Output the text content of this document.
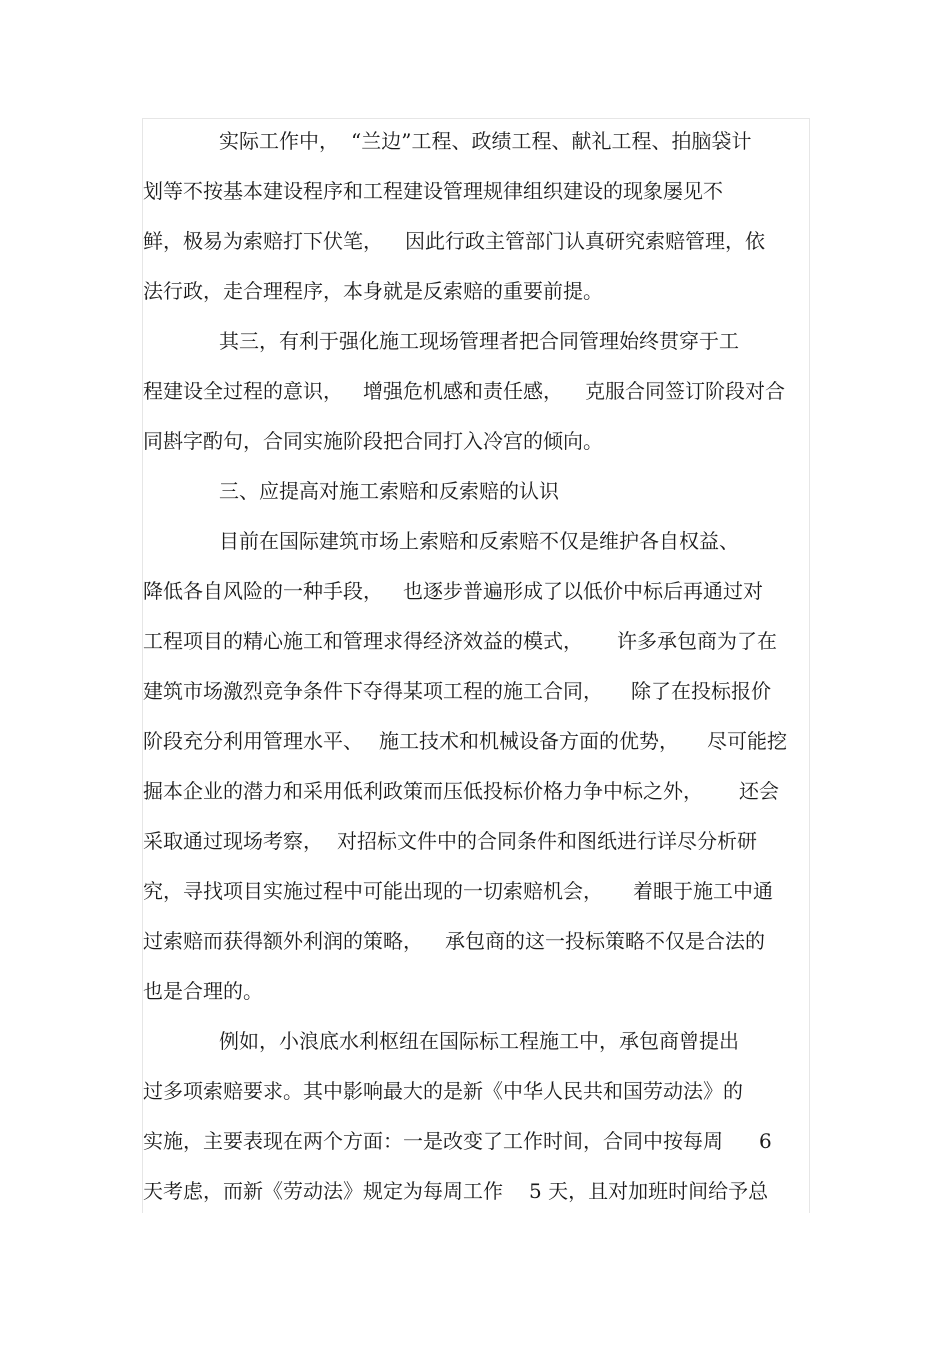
实际工作中， “兰边”工程、政绩工程、献礼工程、拍脑袋计
划等不按基本建设程序和工程建设管理规律组织建设的现象屡见不
鲜，极易为索赔打下伏笔， 因此行政主管部门认真研究索赔管理，依
法行政，走合理程序，本身就是反索赔的重要前提。
其三，有利于强化施工现场管理者把合同管理始终贯穿于工
程建设全过程的意识， 增强危机感和责任感， 克服合同签订阶段对合
同斟字酌句，合同实施阶段把合同打入冷宫的倾向。
三、应提高对施工索赔和反索赔的认识
目前在国际建筑市场上索赔和反索赔不仅是维护各自权益、
降低各自风险的一种手段， 也逐步普遍形成了以低价中标后再通过对
工程项目的精心施工和管理求得经济效益的模式， 许多承包商为了在
建筑市场激烈竞争条件下夺得某项工程的施工合同， 除了在投标报价
阶段充分利用管理水平、 施工技术和机械设备方面的优势， 尽可能挖
掘本企业的潜力和采用低利政策而压低投标价格力争中标之外， 还会
采取通过现场考察， 对招标文件中的合同条件和图纸进行详尽分析研
究，寻找项目实施过程中可能出现的一切索赔机会， 着眼于施工中通
过索赔而获得额外利润的策略， 承包商的这一投标策略不仅是合法的
也是合理的。
例如，小浪底水利枢纽在国际标工程施工中，承包商曾提出
过多项索赔要求。其中影响最大的是新《中华人民共和国劳动法》的
实施，主要表现在两个方面：一是改变了工作时间，合同中按每周 6
天考虑，而新《劳动法》规定为每周工作 5 天，且对加班时间给予总
